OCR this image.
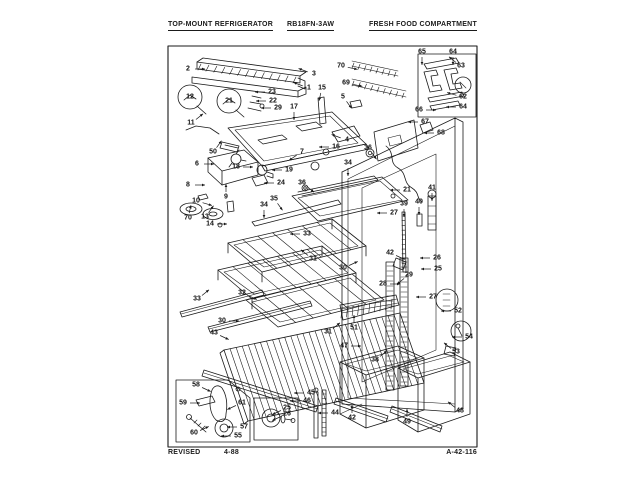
TOP-MOUNT REFRIGERATOR RB18FN-3AW	FRESH FOOD COMPARTMENT
2
3
1
12
21
23
22
29 17
15
70
69
5
11
50
6	18	19
24
8
9
10
70 13
14
34
35
36
4
16
7
36
67
68
65	64
63
62
64
66
34
21 41
39 40
27
42
26
25
29
28
27
52
54
53
30
31
33
33
32
30
43	31
51
47
38
58
59
60
61
57
55
25
26
45
46
44
42
49
48
REVISED	4-88	A-42-116
